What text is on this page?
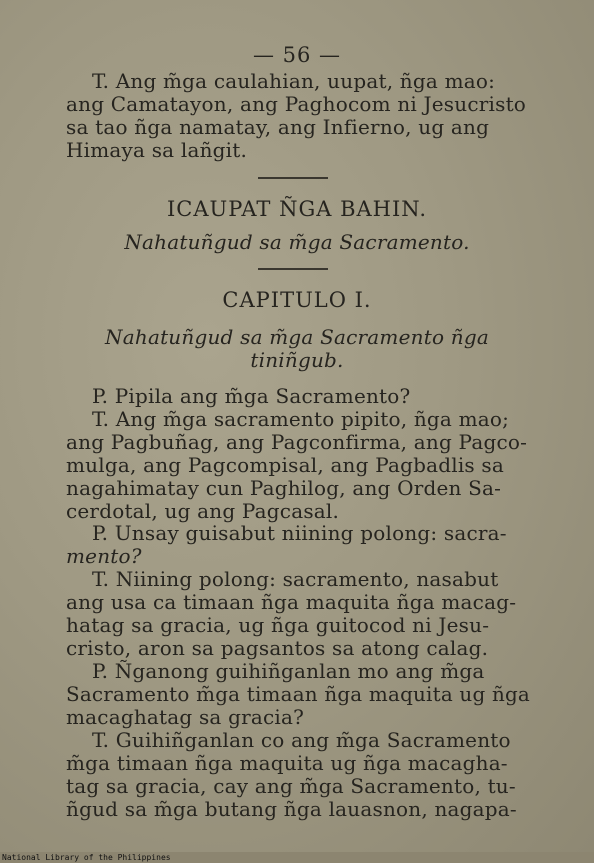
— 56 —
T. Ang m̃ga caulahian, uupat, ñga mao:
ang Camatayon, ang Paghocom ni Jesucristo
sa tao ñga namatay, ang Infierno, ug ang
Himaya sa lañgit.
ICAUPAT ÑGA BAHIN.
Nahatuñgud sa m̃ga Sacramento.
CAPITULO I.
Nahatuñgud sa m̃ga Sacramento ñga
tiniñgub.
P. Pipila ang m̃ga Sacramento?
T. Ang m̃ga sacramento pipito, ñga mao;
ang Pagbuñag, ang Pagconfirma, ang Pagco-
mulga, ang Pagcompisal, ang Pagbadlis sa
nagahimatay cun Paghilog, ang Orden Sa-
cerdotal, ug ang Pagcasal.
P. Unsay guisabut niining polong: sacra-
mento?
T. Niining polong: sacramento, nasabut
ang usa ca timaan ñga maquita ñga macag-
hatag sa gracia, ug ñga guitocod ni Jesu-
cristo, aron sa pagsantos sa atong calag.
P. Ñganong guihiñganlan mo ang m̃ga
Sacramento m̃ga timaan ñga maquita ug ñga
macaghatag sa gracia?
T. Guihiñganlan co ang m̃ga Sacramento
m̃ga timaan ñga maquita ug ñga macagha-
tag sa gracia, cay ang m̃ga Sacramento, tu-
ñgud sa m̃ga butang ñga lauasnon, nagapa-
National Library of the Philippines
